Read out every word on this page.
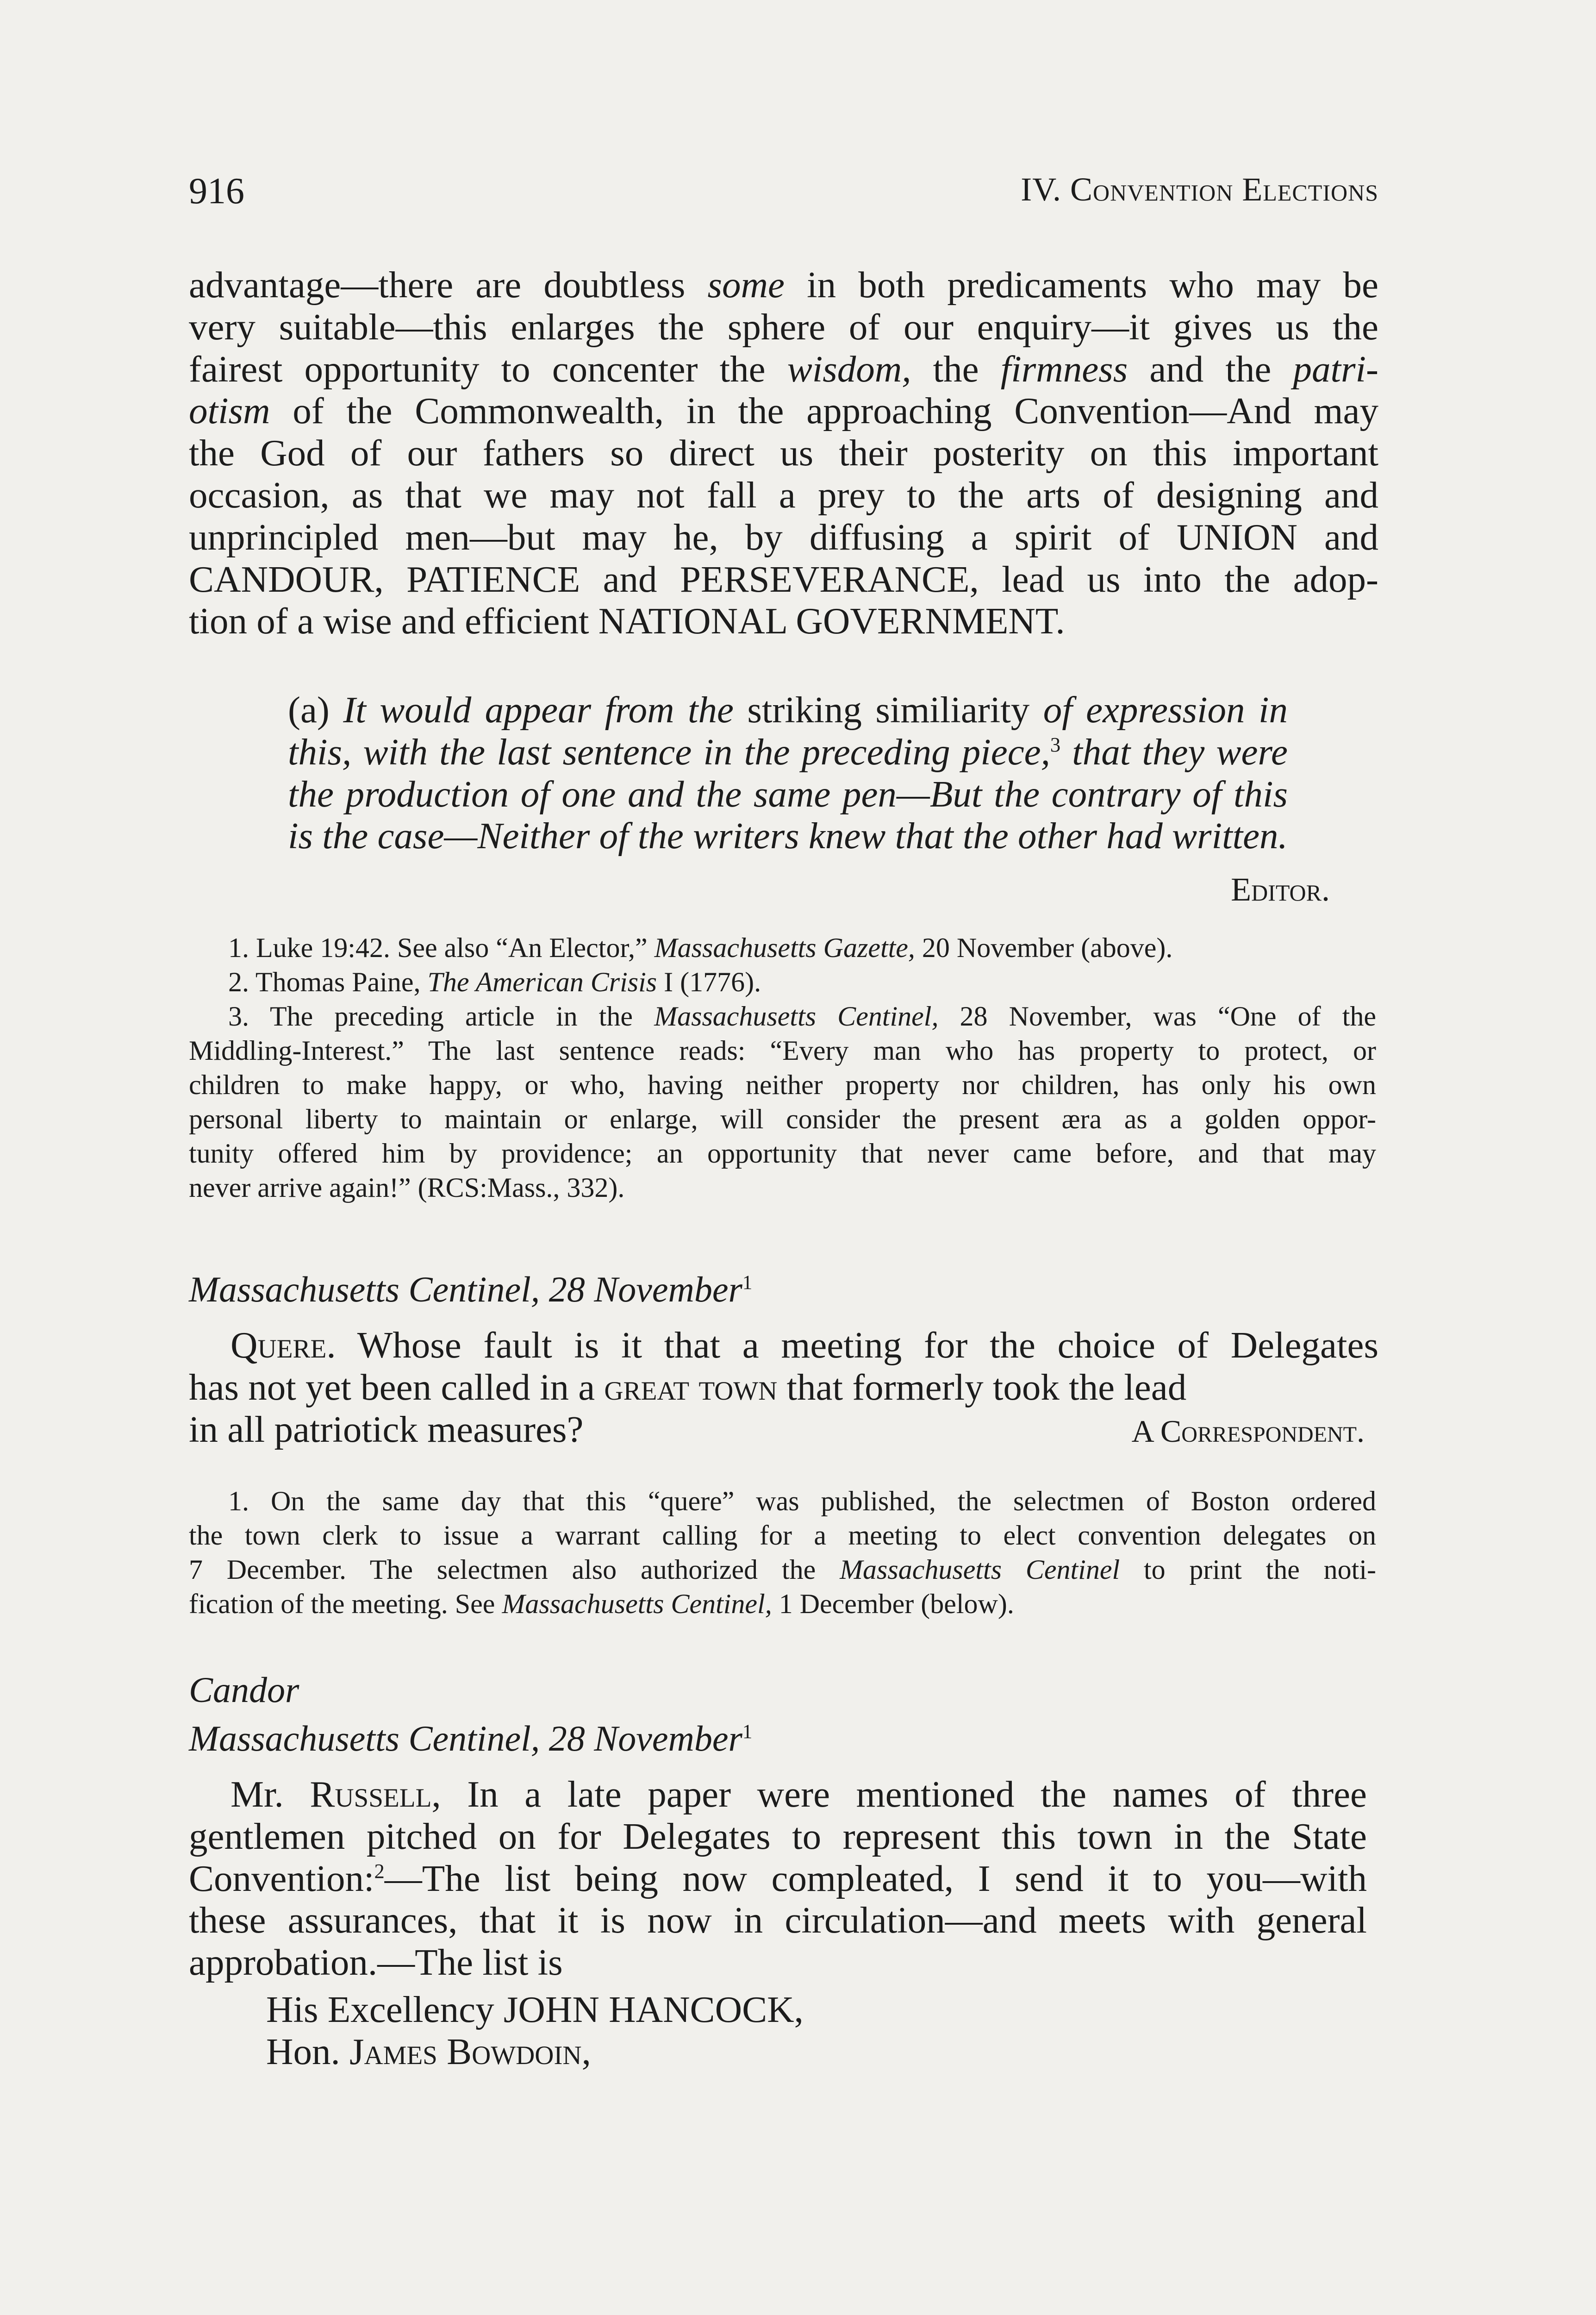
916	IV. Convention Elections
advantage—there are doubtless some in both predicaments who may be
very suitable—this enlarges the sphere of our enquiry—it gives us the
fairest opportunity to concenter the wisdom, the firmness and the patri-
otism of the Commonwealth, in the approaching Convention—And may
the God of our fathers so direct us their posterity on this important
occasion, as that we may not fall a prey to the arts of designing and
unprincipled men—but may he, by diffusing a spirit of UNION and
CANDOUR, PATIENCE and PERSEVERANCE, lead us into the adop-
tion of a wise and efficient NATIONAL GOVERNMENT.
(a) It would appear from the striking similiarity of expression in
this, with the last sentence in the preceding piece,$^3$ that they were
the production of one and the same pen—But the contrary of this
is the case—Neither of the writers knew that the other had written.
Editor.
1. Luke 19:42. See also “An Elector,” Massachusetts Gazette, 20 November (above).
2. Thomas Paine, The American Crisis I (1776).
3. The preceding article in the Massachusetts Centinel, 28 November, was “One of the
Middling-Interest.” The last sentence reads: “Every man who has property to protect, or
children to make happy, or who, having neither property nor children, has only his own
personal liberty to maintain or enlarge, will consider the present æra as a golden oppor-
tunity offered him by providence; an opportunity that never came before, and that may
never arrive again!” (RCS:Mass., 332).
Massachusetts Centinel, 28 November$^1$
Quere. Whose fault is it that a meeting for the choice of Delegates
has not yet been called in a great town that formerly took the lead
in all patriotick measures?	A Correspondent.
1. On the same day that this “quere” was published, the selectmen of Boston ordered
the town clerk to issue a warrant calling for a meeting to elect convention delegates on
7 December. The selectmen also authorized the Massachusetts Centinel to print the noti-
fication of the meeting. See Massachusetts Centinel, 1 December (below).
Candor
Massachusetts Centinel, 28 November$^1$
Mr. Russell, In a late paper were mentioned the names of three
gentlemen pitched on for Delegates to represent this town in the State
Convention:$^2$—The list being now compleated, I send it to you—with
these assurances, that it is now in circulation—and meets with general
approbation.—The list is
His Excellency JOHN HANCOCK,
Hon. James Bowdoin,
